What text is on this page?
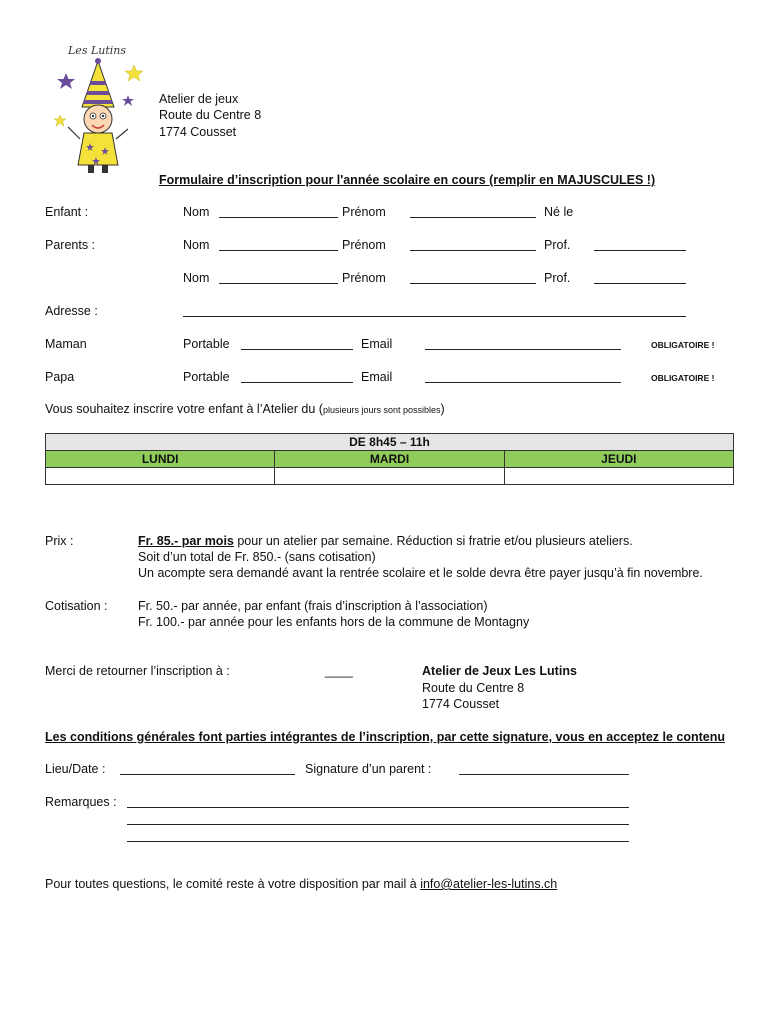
Les Lutins
Atelier de jeux
Route du Centre 8
1774 Cousset
Formulaire d’inscription pour l'année scolaire en cours (remplir en MAJUSCULES !)
Enfant :	Nom	Prénom	Né le
Parents :	Nom	Prénom	Prof.
Nom	Prénom	Prof.
Adresse :
Maman	Portable	Email	OBLIGATOIRE !
Papa	Portable	Email	OBLIGATOIRE !
Vous souhaitez inscrire votre enfant à l’Atelier du (plusieurs jours sont possibles)
DE 8h45 – 11h		
LUNDI	MARDI	JEUDI

Prix :	Fr. 85.- par mois pour un atelier par semaine. Réduction si fratrie et/ou plusieurs ateliers.
Soit d’un total de Fr. 850.- (sans cotisation)
Un acompte sera demandé avant la rentrée scolaire et le solde devra être payer jusqu’à fin novembre.
Cotisation : Fr. 50.- par année, par enfant (frais d’inscription à l’association)
Fr. 100.- par année pour les enfants hors de la commune de Montagny
Merci de retourner l’inscription à :	____	Atelier de Jeux Les Lutins
Route du Centre 8
1774 Cousset
Les conditions générales font parties intégrantes de l’inscription, par cette signature, vous en acceptez le contenu
Lieu/Date :	Signature d’un parent :
Remarques :
Pour toutes questions, le comité reste à votre disposition par mail à info@atelier-les-lutins.ch
